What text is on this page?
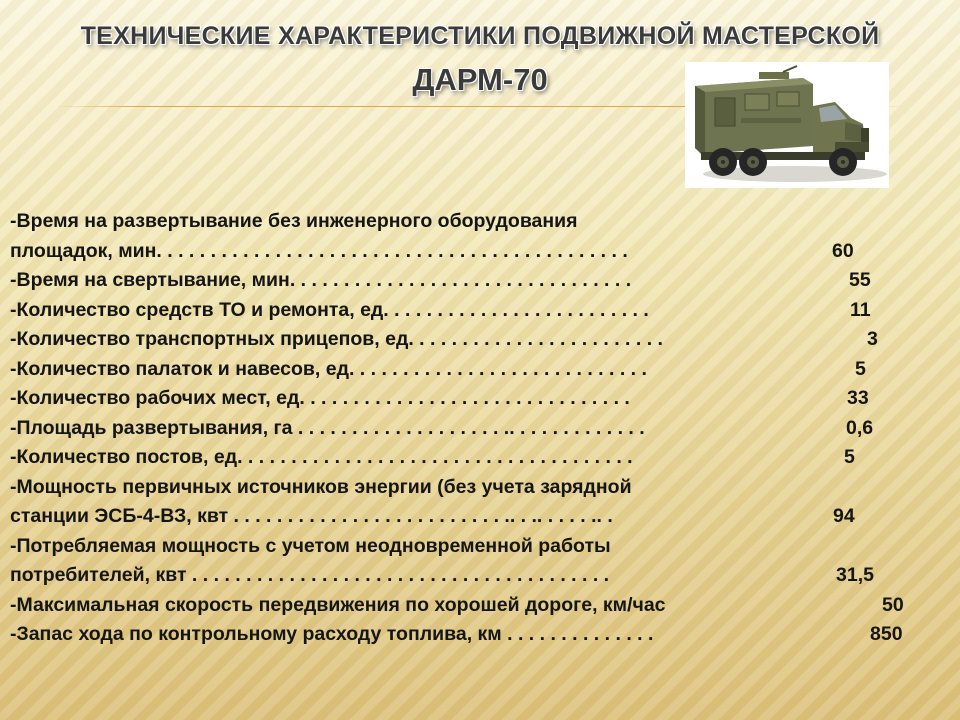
ТЕХНИЧЕСКИЕ ХАРАКТЕРИСТИКИ ПОДВИЖНОЙ МАСТЕРСКОЙ
ДАРМ-70
-Время на развертывание без инженерного оборудования
площадок, мин. . . . . . . . . . . . . . . . . . . . . . . . . . . . . . . . . . . . . . . . . . . .	60
-Время на свертывание, мин. . . . . . . . . . . . . . . . . . . . . . . . . . . . . . . .	55
-Количество средств ТО и ремонта, ед. . . . . . . . . . . . . . . . . . . . . . . . .	11
-Количество транспортных прицепов, ед. . . . . . . . . . . . . . . . . . . . . . . .	3
-Количество палаток и навесов, ед. . . . . . . . . . . . . . . . . . . . . . . . . . . .	5
-Количество рабочих мест, ед. . . . . . . . . . . . . . . . . . . . . . . . . . . . . . .	33
-Площадь развертывания, га . . . . . . . . . . . . . . . . . . . .. . . . . . . . . . . . .	0,6
-Количество постов, ед. . . . . . . . . . . . . . . . . . . . . . . . . . . . . . . . . . . . .	5
-Мощность первичных источников энергии (без учета зарядной
станции ЭСБ-4-ВЗ, квт . . . . . . . . . . . . . . . . . . . . . . . . . .. . .. . . . . .. .	94
-Потребляемая мощность с учетом неодновременной работы
потребителей, квт . . . . . . . . . . . . . . . . . . . . . . . . . . . . . . . . . . . . . . .	31,5
-Максимальная скорость передвижения по хорошей дороге, км/час	50
-Запас хода по контрольному расходу топлива, км . . . . . . . . . . . . . .	850
